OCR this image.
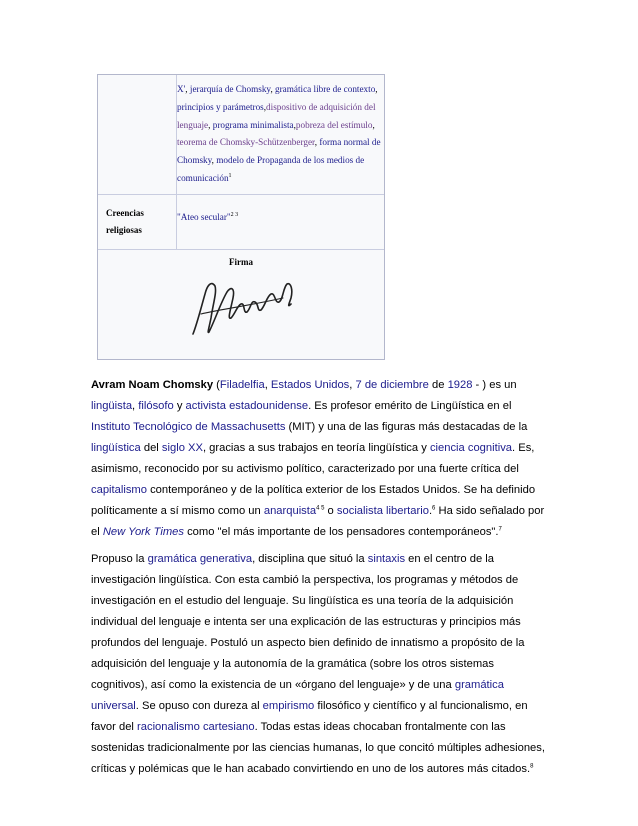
X', jerarquía de Chomsky, gramática libre de contexto, principios y parámetros,dispositivo de adquisición del lenguaje, programa minimalista,pobreza del estímulo, teorema de Chomsky-Schützenberger, forma normal de Chomsky, modelo de Propaganda de los medios de comunicación$^1$
Creencias religiosas
"Ateo secular"$^{2 3}$
Firma

Avram Noam Chomsky (Filadelfia, Estados Unidos, 7 de diciembre de 1928 - ) es un lingüista, filósofo y activista estadounidense. Es profesor emérito de Lingüística en el Instituto Tecnológico de Massachusetts (MIT) y una de las figuras más destacadas de la lingüística del siglo XX, gracias a sus trabajos en teoría lingüística y ciencia cognitiva. Es, asimismo, reconocido por su activismo político, caracterizado por una fuerte crítica del capitalismo contemporáneo y de la política exterior de los Estados Unidos. Se ha definido políticamente a sí mismo como un anarquista$^{4 5}$ o socialista libertario.$^6$ Ha sido señalado por el New York Times como "el más importante de los pensadores contemporáneos".$^7$

Propuso la gramática generativa, disciplina que situó la sintaxis en el centro de la investigación lingüística. Con esta cambió la perspectiva, los programas y métodos de investigación en el estudio del lenguaje. Su lingüística es una teoría de la adquisición individual del lenguaje e intenta ser una explicación de las estructuras y principios más profundos del lenguaje. Postuló un aspecto bien definido de innatismo a propósito de la adquisición del lenguaje y la autonomía de la gramática (sobre los otros sistemas cognitivos), así como la existencia de un «órgano del lenguaje» y de una gramática universal. Se opuso con dureza al empirismo filosófico y científico y al funcionalismo, en favor del racionalismo cartesiano. Todas estas ideas chocaban frontalmente con las sostenidas tradicionalmente por las ciencias humanas, lo que concitó múltiples adhesiones, críticas y polémicas que le han acabado convirtiendo en uno de los autores más citados.$^8$
